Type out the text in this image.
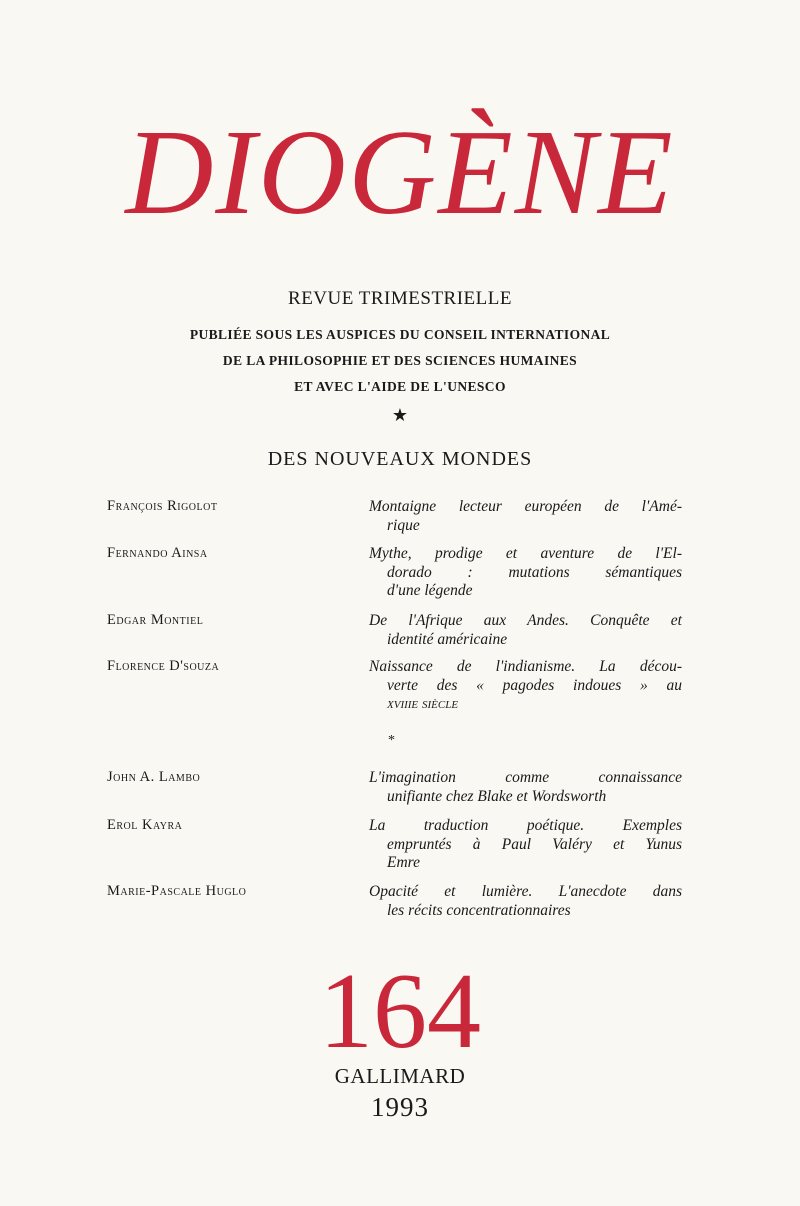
DIOGÈNE
REVUE TRIMESTRIELLE
PUBLIÉE SOUS LES AUSPICES DU CONSEIL INTERNATIONAL
DE LA PHILOSOPHIE ET DES SCIENCES HUMAINES
ET AVEC L'AIDE DE L'UNESCO
★
DES NOUVEAUX MONDES
François Rigolot	Montaigne lecteur européen de l'Amé-
rique
Fernando Ainsa	Mythe, prodige et aventure de l'El-
dorado : mutations sémantiques
d'une légende
Edgar Montiel	De l'Afrique aux Andes. Conquête et
identité américaine
Florence D'souza	Naissance de l'indianisme. La décou-
verte des « pagodes indoues » au
xviiie siècle
*
John A. Lambo	L'imagination comme connaissance
unifiante chez Blake et Wordsworth
Erol Kayra	La traduction poétique. Exemples
empruntés à Paul Valéry et Yunus
Emre
Marie-Pascale Huglo	Opacité et lumière. L'anecdote dans
les récits concentrationnaires
164
GALLIMARD
1993
